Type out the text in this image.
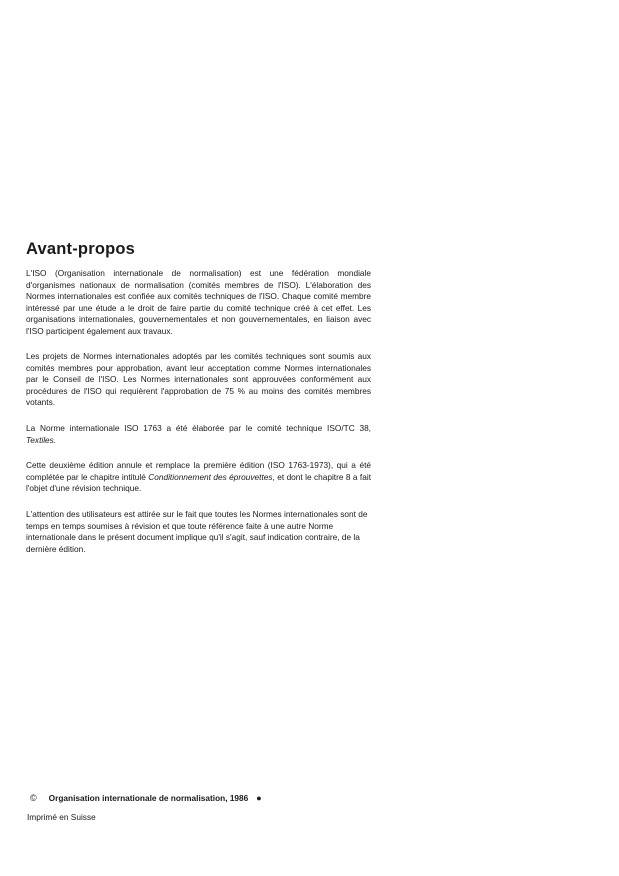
Avant-propos

L'ISO (Organisation internationale de normalisation) est une fédération mondiale d'organismes nationaux de normalisation (comités membres de l'ISO). L'élaboration des Normes internationales est confiée aux comités techniques de l'ISO. Chaque comité membre intéressé par une étude a le droit de faire partie du comité technique créé à cet effet. Les organisations internationales, gouvernementales et non gouvernementales, en liaison avec l'ISO participent également aux travaux.

Les projets de Normes internationales adoptés par les comités techniques sont soumis aux comités membres pour approbation, avant leur acceptation comme Normes internationales par le Conseil de l'ISO. Les Normes internationales sont approuvées conformément aux procédures de l'ISO qui requièrent l'approbation de 75 % au moins des comités membres votants.

La Norme internationale ISO 1763 a été élaborée par le comité technique ISO/TC 38, Textiles.

Cette deuxième édition annule et remplace la première édition (ISO 1763-1973), qui a été complétée par le chapitre intitulé Conditionnement des éprouvettes, et dont le chapitre 8 a fait l'objet d'une révision technique.

L'attention des utilisateurs est attirée sur le fait que toutes les Normes internationales sont de temps en temps soumises à révision et que toute référence faite à une autre Norme internationale dans le présent document implique qu'il s'agit, sauf indication contraire, de la dernière édition.

© Organisation internationale de normalisation, 1986 ●
Imprimé en Suisse
